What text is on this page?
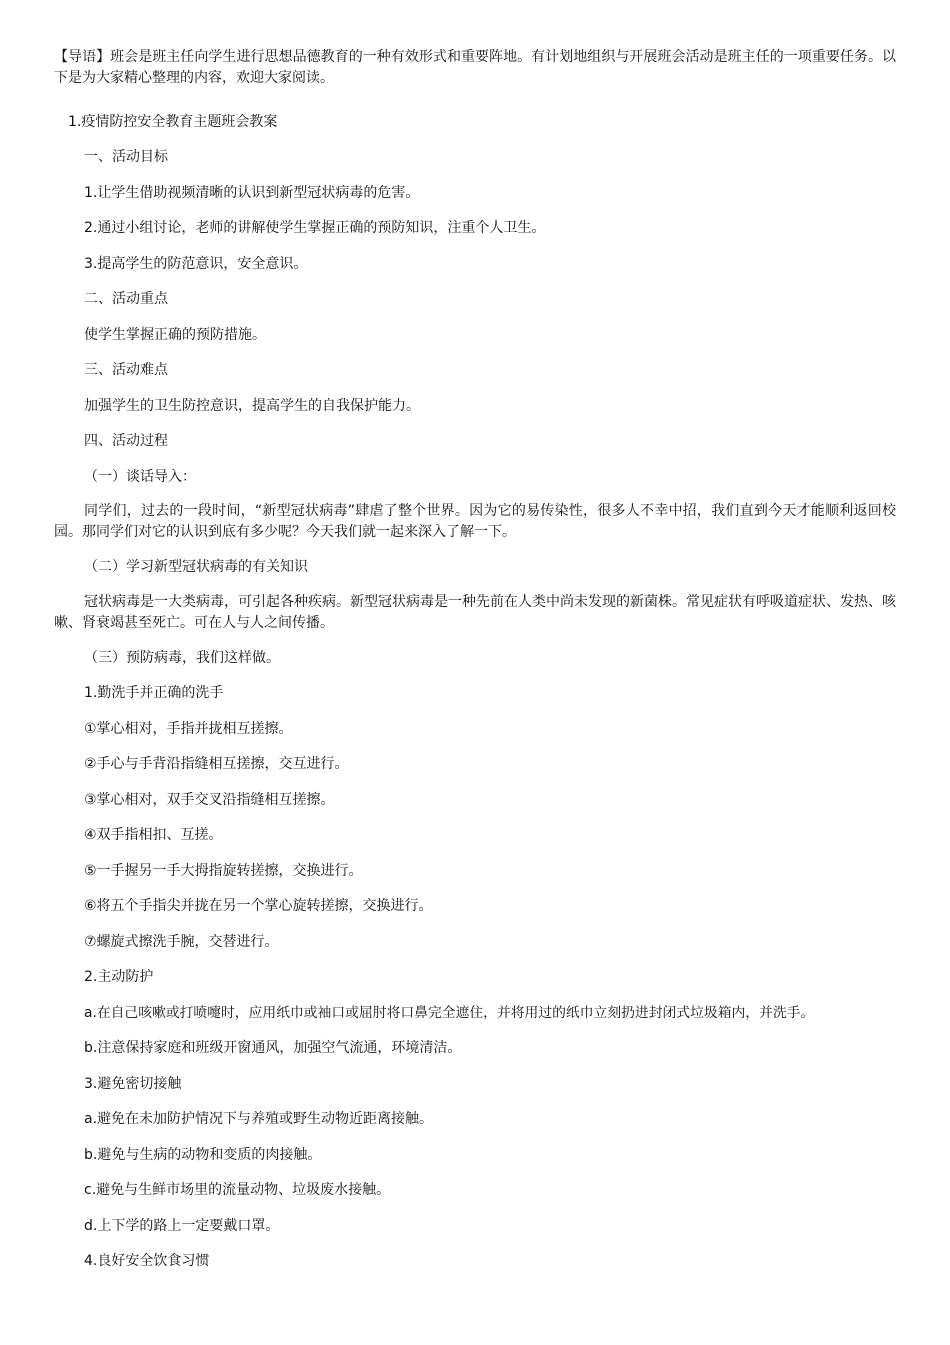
【导语】班会是班主任向学生进行思想品德教育的一种有效形式和重要阵地。有计划地组织与开展班会活动是班主任的一项重要任务。以下是为大家精心整理的内容，欢迎大家阅读。

1.疫情防控安全教育主题班会教案

一、活动目标

1.让学生借助视频清晰的认识到新型冠状病毒的危害。

2.通过小组讨论，老师的讲解使学生掌握正确的预防知识，注重个人卫生。

3.提高学生的防范意识，安全意识。

二、活动重点

使学生掌握正确的预防措施。

三、活动难点

加强学生的卫生防控意识，提高学生的自我保护能力。

四、活动过程

（一）谈话导入：

同学们，过去的一段时间，“新型冠状病毒”肆虐了整个世界。因为它的易传染性，很多人不幸中招，我们直到今天才能顺利返回校园。那同学们对它的认识到底有多少呢？今天我们就一起来深入了解一下。

（二）学习新型冠状病毒的有关知识

冠状病毒是一大类病毒，可引起各种疾病。新型冠状病毒是一种先前在人类中尚未发现的新菌株。常见症状有呼吸道症状、发热、咳嗽、肾衰竭甚至死亡。可在人与人之间传播。

（三）预防病毒，我们这样做。

1.勤洗手并正确的洗手

①掌心相对，手指并拢相互搓擦。

②手心与手背沿指缝相互搓擦，交互进行。

③掌心相对，双手交叉沿指缝相互搓擦。

④双手指相扣、互搓。

⑤一手握另一手大拇指旋转搓擦，交换进行。

⑥将五个手指尖并拢在另一个掌心旋转搓擦，交换进行。

⑦螺旋式擦洗手腕，交替进行。

2.主动防护

a.在自己咳嗽或打喷嚏时，应用纸巾或袖口或屈肘将口鼻完全遮住，并将用过的纸巾立刻扔进封闭式垃圾箱内，并洗手。

b.注意保持家庭和班级开窗通风，加强空气流通，环境清洁。

3.避免密切接触

a.避免在未加防护情况下与养殖或野生动物近距离接触。

b.避免与生病的动物和变质的肉接触。

c.避免与生鲜市场里的流量动物、垃圾废水接触。

d.上下学的路上一定要戴口罩。

4.良好安全饮食习惯
